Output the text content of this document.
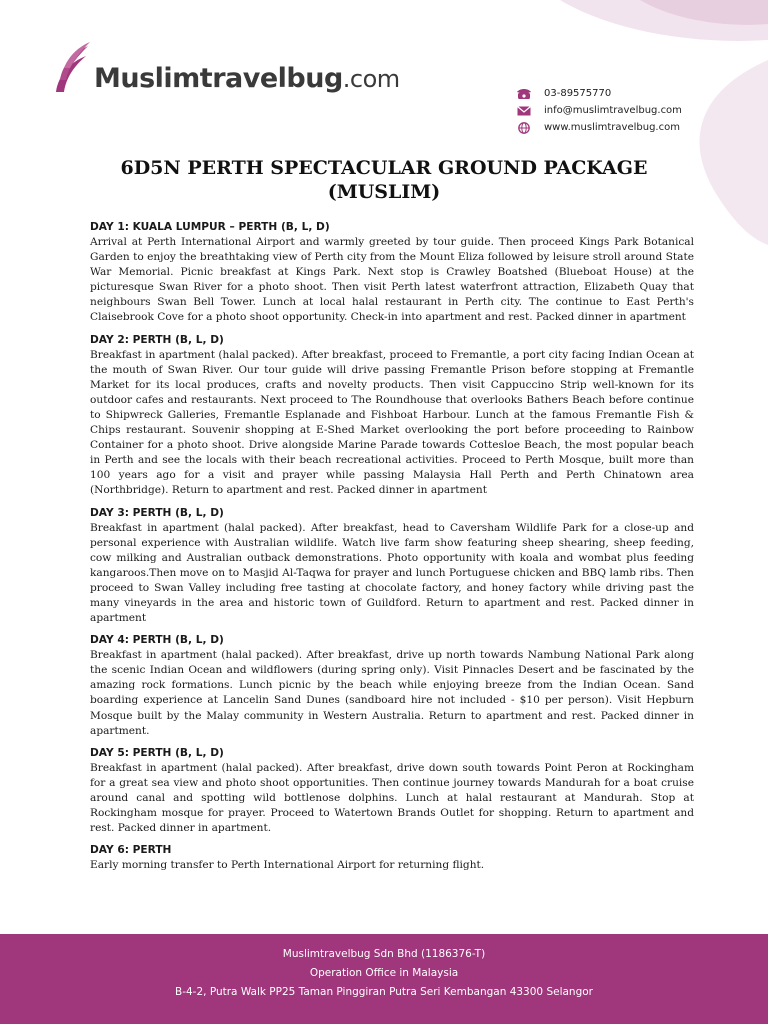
Muslimtravelbug.com
03-89575770
info@muslimtravelbug.com
www.muslimtravelbug.com
6D5N PERTH SPECTACULAR GROUND PACKAGE
(MUSLIM)
DAY 1: KUALA LUMPUR – PERTH (B, L, D)
Arrival at Perth International Airport and warmly greeted by tour guide. Then proceed Kings Park Botanical Garden to enjoy the breathtaking view of Perth city from the Mount Eliza followed by leisure stroll around State War Memorial. Picnic breakfast at Kings Park. Next stop is Crawley Boatshed (Blueboat House) at the picturesque Swan River for a photo shoot. Then visit Perth latest waterfront attraction, Elizabeth Quay that neighbours Swan Bell Tower. Lunch at local halal restaurant in Perth city. The continue to East Perth's Claisebrook Cove for a photo shoot opportunity. Check-in into apartment and rest. Packed dinner in apartment
DAY 2: PERTH (B, L, D)
Breakfast in apartment (halal packed). After breakfast, proceed to Fremantle, a port city facing Indian Ocean at the mouth of Swan River. Our tour guide will drive passing Fremantle Prison before stopping at Fremantle Market for its local produces, crafts and novelty products. Then visit Cappuccino Strip well-known for its outdoor cafes and restaurants. Next proceed to The Roundhouse that overlooks Bathers Beach before continue to Shipwreck Galleries, Fremantle Esplanade and Fishboat Harbour. Lunch at the famous Fremantle Fish & Chips restaurant. Souvenir shopping at E-Shed Market overlooking the port before proceeding to Rainbow Container for a photo shoot. Drive alongside Marine Parade towards Cottesloe Beach, the most popular beach in Perth and see the locals with their beach recreational activities. Proceed to Perth Mosque, built more than 100 years ago for a visit and prayer while passing Malaysia Hall Perth and Perth Chinatown area (Northbridge). Return to apartment and rest. Packed dinner in apartment
DAY 3: PERTH (B, L, D)
Breakfast in apartment (halal packed). After breakfast, head to Caversham Wildlife Park for a close-up and personal experience with Australian wildlife. Watch live farm show featuring sheep shearing, sheep feeding, cow milking and Australian outback demonstrations. Photo opportunity with koala and wombat plus feeding kangaroos.Then move on to Masjid Al-Taqwa for prayer and lunch Portuguese chicken and BBQ lamb ribs. Then proceed to Swan Valley including free tasting at chocolate factory, and honey factory while driving past the many vineyards in the area and historic town of Guildford. Return to apartment and rest. Packed dinner in apartment
DAY 4: PERTH (B, L, D)
Breakfast in apartment (halal packed). After breakfast, drive up north towards Nambung National Park along the scenic Indian Ocean and wildflowers (during spring only). Visit Pinnacles Desert and be fascinated by the amazing rock formations. Lunch picnic by the beach while enjoying breeze from the Indian Ocean. Sand boarding experience at Lancelin Sand Dunes (sandboard hire not included - $10 per person). Visit Hepburn Mosque built by the Malay community in Western Australia. Return to apartment and rest. Packed dinner in apartment.
DAY 5: PERTH (B, L, D)
Breakfast in apartment (halal packed). After breakfast, drive down south towards Point Peron at Rockingham for a great sea view and photo shoot opportunities. Then continue journey towards Mandurah for a boat cruise around canal and spotting wild bottlenose dolphins. Lunch at halal restaurant at Mandurah. Stop at Rockingham mosque for prayer. Proceed to Watertown Brands Outlet for shopping. Return to apartment and rest. Packed dinner in apartment.
DAY 6: PERTH
Early morning transfer to Perth International Airport for returning flight.
Muslimtravelbug Sdn Bhd (1186376-T)
Operation Office in Malaysia
B-4-2, Putra Walk PP25 Taman Pinggiran Putra Seri Kembangan 43300 Selangor
